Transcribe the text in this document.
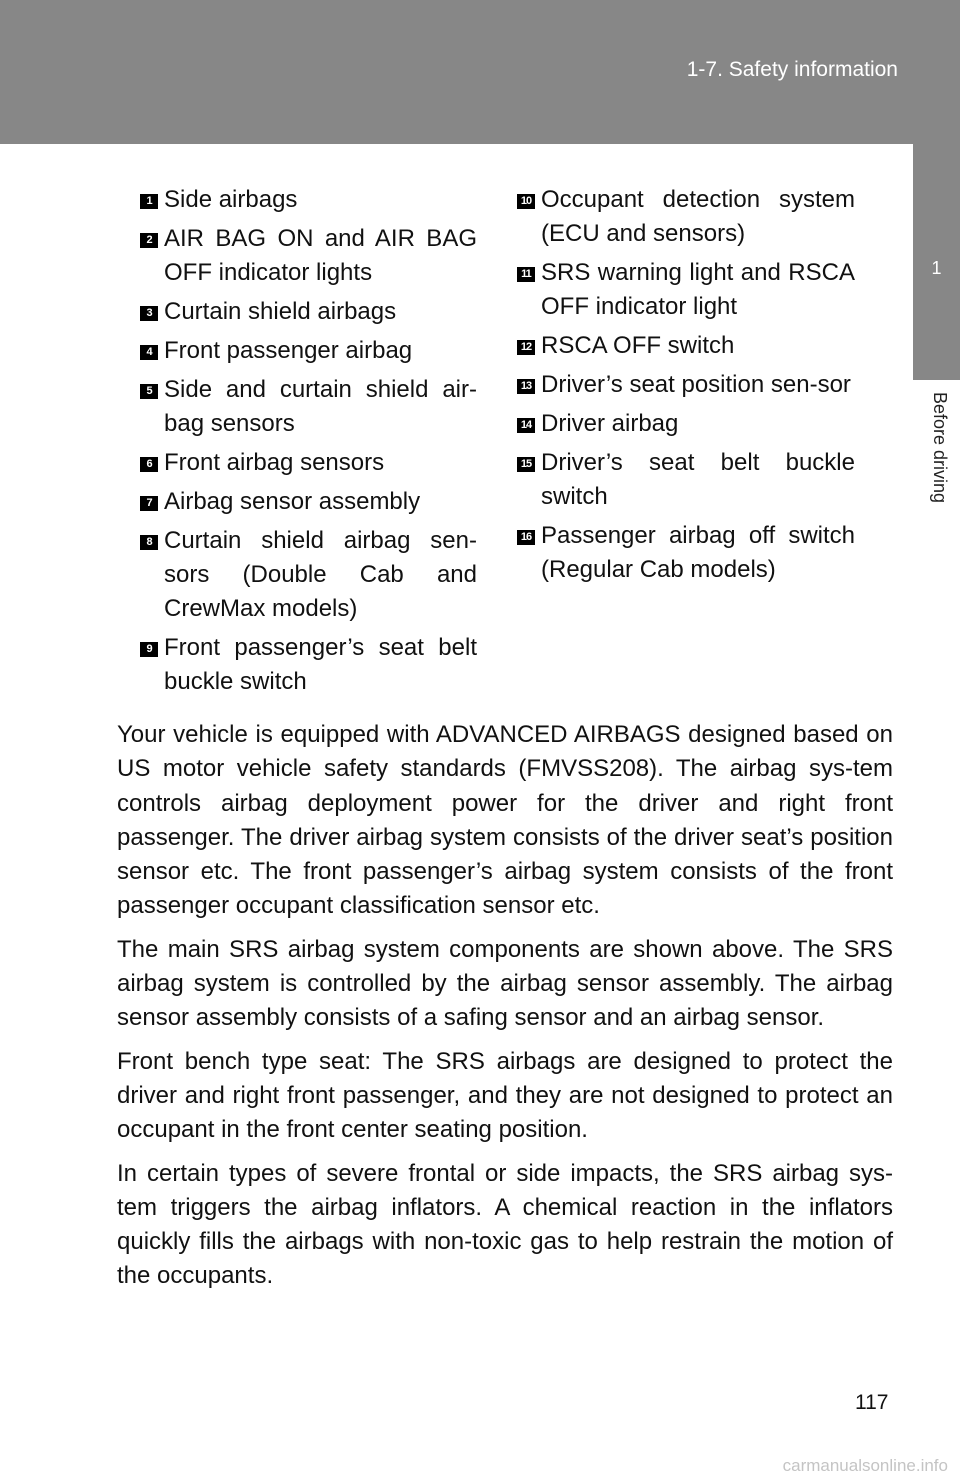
1-7. Safety information
1
Before driving
1 Side airbags
2 AIR BAG ON and AIR BAG OFF indicator lights
3 Curtain shield airbags
4 Front passenger airbag
5 Side and curtain shield air-bag sensors
6 Front airbag sensors
7 Airbag sensor assembly
8 Curtain shield airbag sen-sors (Double Cab and CrewMax models)
9 Front passenger’s seat belt buckle switch
10 Occupant detection system (ECU and sensors)
11 SRS warning light and RSCA OFF indicator light
12 RSCA OFF switch
13 Driver’s seat position sen-sor
14 Driver airbag
15 Driver’s seat belt buckle switch
16 Passenger airbag off switch (Regular Cab models)

Your vehicle is equipped with ADVANCED AIRBAGS designed based on US motor vehicle safety standards (FMVSS208). The airbag sys-tem controls airbag deployment power for the driver and right front passenger. The driver airbag system consists of the driver seat’s position sensor etc. The front passenger’s airbag system consists of the front passenger occupant classification sensor etc.

The main SRS airbag system components are shown above. The SRS airbag system is controlled by the airbag sensor assembly. The airbag sensor assembly consists of a safing sensor and an airbag sensor.

Front bench type seat: The SRS airbags are designed to protect the driver and right front passenger, and they are not designed to protect an occupant in the front center seating position.

In certain types of severe frontal or side impacts, the SRS airbag sys-tem triggers the airbag inflators. A chemical reaction in the inflators quickly fills the airbags with non-toxic gas to help restrain the motion of the occupants.

117
carmanualsonline.info
